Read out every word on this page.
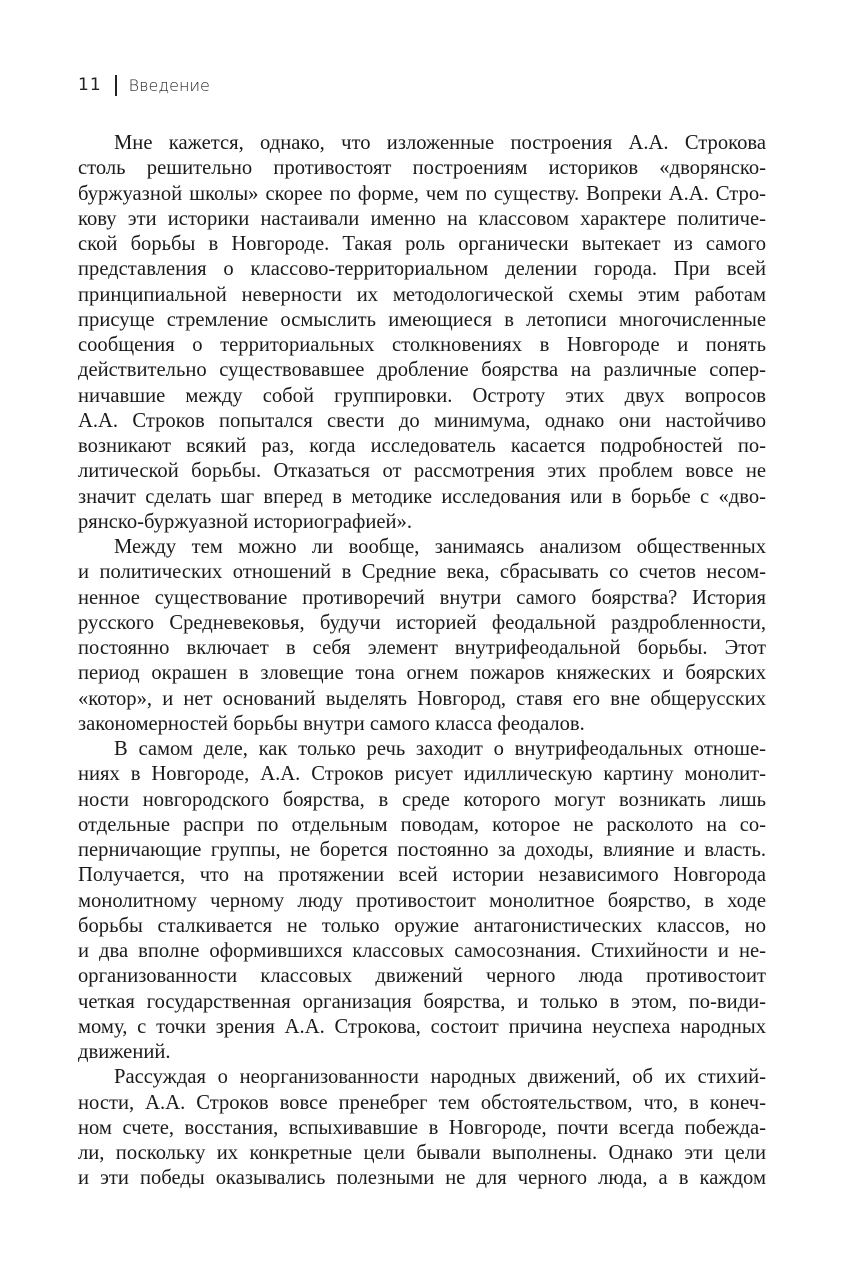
11 Введение
Мне кажется, однако, что изложенные построения А.А. Строкова
столь решительно противостоят построениям историков «дворянско-
буржуазной школы» скорее по форме, чем по существу. Вопреки А.А. Стро-
кову эти историки настаивали именно на классовом характере политиче-
ской борьбы в Новгороде. Такая роль органически вытекает из самого
представления о классово-территориальном делении города. При всей
принципиальной неверности их методологической схемы этим работам
присуще стремление осмыслить имеющиеся в летописи многочисленные
сообщения о территориальных столкновениях в Новгороде и понять
действительно существовавшее дробление боярства на различные сопер-
ничавшие между собой группировки. Остроту этих двух вопросов
А.А. Строков попытался свести до минимума, однако они настойчиво
возникают всякий раз, когда исследователь касается подробностей по-
литической борьбы. Отказаться от рассмотрения этих проблем вовсе не
значит сделать шаг вперед в методике исследования или в борьбе с «дво-
рянско-буржуазной историографией».
Между тем можно ли вообще, занимаясь анализом общественных
и политических отношений в Средние века, сбрасывать со счетов несом-
ненное существование противоречий внутри самого боярства? История
русского Средневековья, будучи историей феодальной раздробленности,
постоянно включает в себя элемент внутрифеодальной борьбы. Этот
период окрашен в зловещие тона огнем пожаров княжеских и боярских
«котор», и нет оснований выделять Новгород, ставя его вне общерусских
закономерностей борьбы внутри самого класса феодалов.
В самом деле, как только речь заходит о внутрифеодальных отноше-
ниях в Новгороде, А.А. Строков рисует идиллическую картину монолит-
ности новгородского боярства, в среде которого могут возникать лишь
отдельные распри по отдельным поводам, которое не расколото на со-
перничающие группы, не борется постоянно за доходы, влияние и власть.
Получается, что на протяжении всей истории независимого Новгорода
монолитному черному люду противостоит монолитное боярство, в ходе
борьбы сталкивается не только оружие антагонистических классов, но
и два вполне оформившихся классовых самосознания. Стихийности и не-
организованности классовых движений черного люда противостоит
четкая государственная организация боярства, и только в этом, по-види-
мому, с точки зрения А.А. Строкова, состоит причина неуспеха народных
движений.
Рассуждая о неорганизованности народных движений, об их стихий-
ности, А.А. Строков вовсе пренебрег тем обстоятельством, что, в конеч-
ном счете, восстания, вспыхивавшие в Новгороде, почти всегда побежда-
ли, поскольку их конкретные цели бывали выполнены. Однако эти цели
и эти победы оказывались полезными не для черного люда, а в каждом
